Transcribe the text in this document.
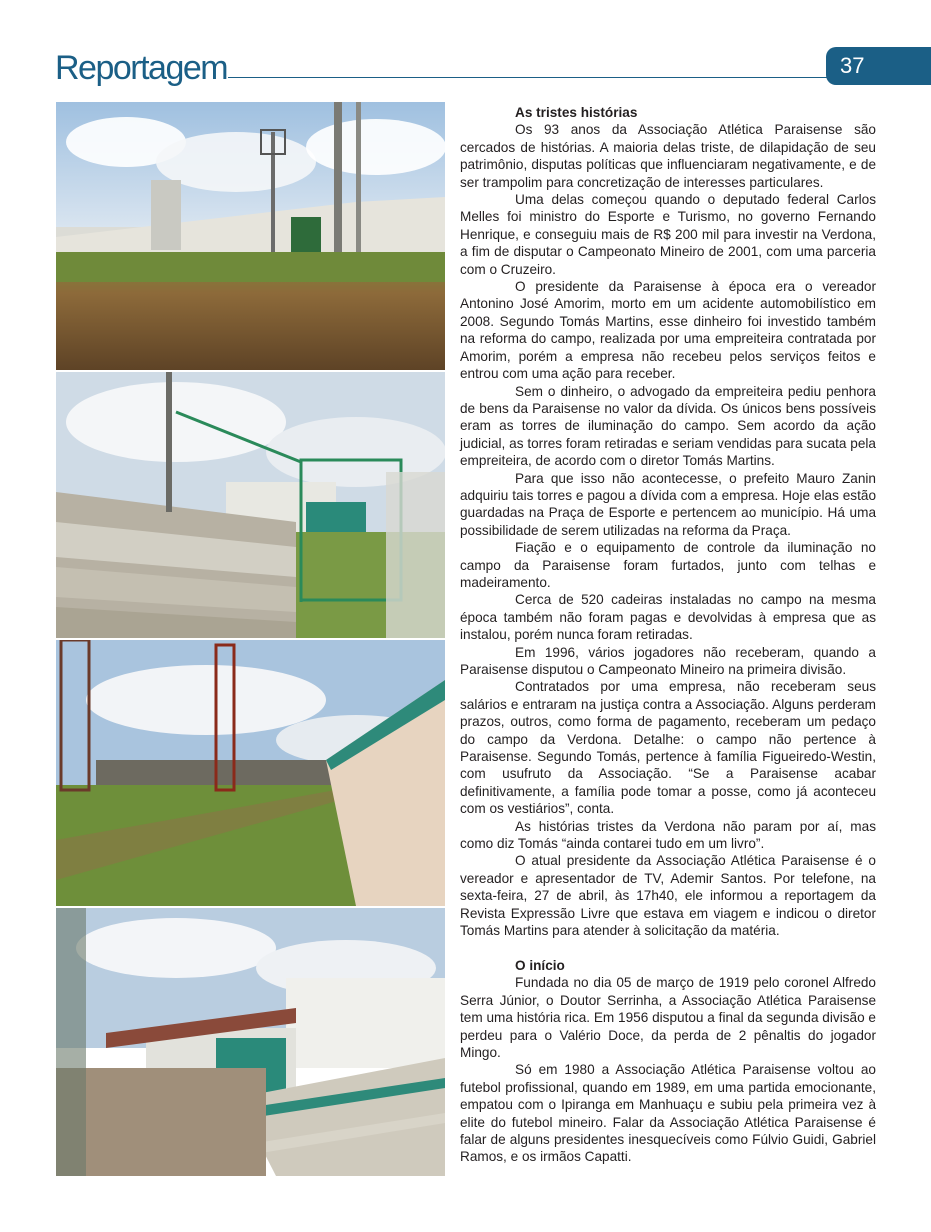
Reportagem	37
As tristes histórias

Os 93 anos da Associação Atlética Paraisense são cercados de histórias. A maioria delas triste, de dilapidação de seu patrimônio, disputas políticas que influenciaram negativamente, e de ser trampolim para concretização de interesses particulares.

Uma delas começou quando o deputado federal Carlos Melles foi ministro do Esporte e Turismo, no governo Fernando Henrique, e conseguiu mais de R$ 200 mil para investir na Verdona, a fim de disputar o Campeonato Mineiro de 2001, com uma parceria com o Cruzeiro.

O presidente da Paraisense à época era o vereador Antonino José Amorim, morto em um acidente automobilístico em 2008. Segundo Tomás Martins, esse dinheiro foi investido também na reforma do campo, realizada por uma empreiteira contratada por Amorim, porém a empresa não recebeu pelos serviços feitos e entrou com uma ação para receber.

Sem o dinheiro, o advogado da empreiteira pediu penhora de bens da Paraisense no valor da dívida. Os únicos bens possíveis eram as torres de iluminação do campo. Sem acordo da ação judicial, as torres foram retiradas e seriam vendidas para sucata pela empreiteira, de acordo com o diretor Tomás Martins.

Para que isso não acontecesse, o prefeito Mauro Zanin adquiriu tais torres e pagou a dívida com a empresa. Hoje elas estão guardadas na Praça de Esporte e pertencem ao município. Há uma possibilidade de serem utilizadas na reforma da Praça.

Fiação e o equipamento de controle da iluminação no campo da Paraisense foram furtados, junto com telhas e madeiramento.

Cerca de 520 cadeiras instaladas no campo na mesma época também não foram pagas e devolvidas à empresa que as instalou, porém nunca foram retiradas.

Em 1996, vários jogadores não receberam, quando a Paraisense disputou o Campeonato Mineiro na primeira divisão.

Contratados por uma empresa, não receberam seus salários e entraram na justiça contra a Associação. Alguns perderam prazos, outros, como forma de pagamento, receberam um pedaço do campo da Verdona. Detalhe: o campo não pertence à Paraisense. Segundo Tomás, pertence à família Figueiredo-Westin, com usufruto da Associação. “Se a Paraisense acabar definitivamente, a família pode tomar a posse, como já aconteceu com os vestiários”, conta.

As histórias tristes da Verdona não param por aí, mas como diz Tomás “ainda contarei tudo em um livro”.

O atual presidente da Associação Atlética Paraisense é o vereador e apresentador de TV, Ademir Santos. Por telefone, na sexta-feira, 27 de abril, às 17h40, ele informou a reportagem da Revista Expressão Livre que estava em viagem e indicou o diretor Tomás Martins para atender à solicitação da matéria.

O início

Fundada no dia 05 de março de 1919 pelo coronel Alfredo Serra Júnior, o Doutor Serrinha, a Associação Atlética Paraisense tem uma história rica. Em 1956 disputou a final da segunda divisão e perdeu para o Valério Doce, da perda de 2 pênaltis do jogador Mingo.

Só em 1980 a Associação Atlética Paraisense voltou ao futebol profissional, quando em 1989, em uma partida emocionante, empatou com o Ipiranga em Manhuaçu e subiu pela primeira vez à elite do futebol mineiro. Falar da Associação Atlética Paraisense é falar de alguns presidentes inesquecíveis como Fúlvio Guidi, Gabriel Ramos, e os irmãos Capatti.
